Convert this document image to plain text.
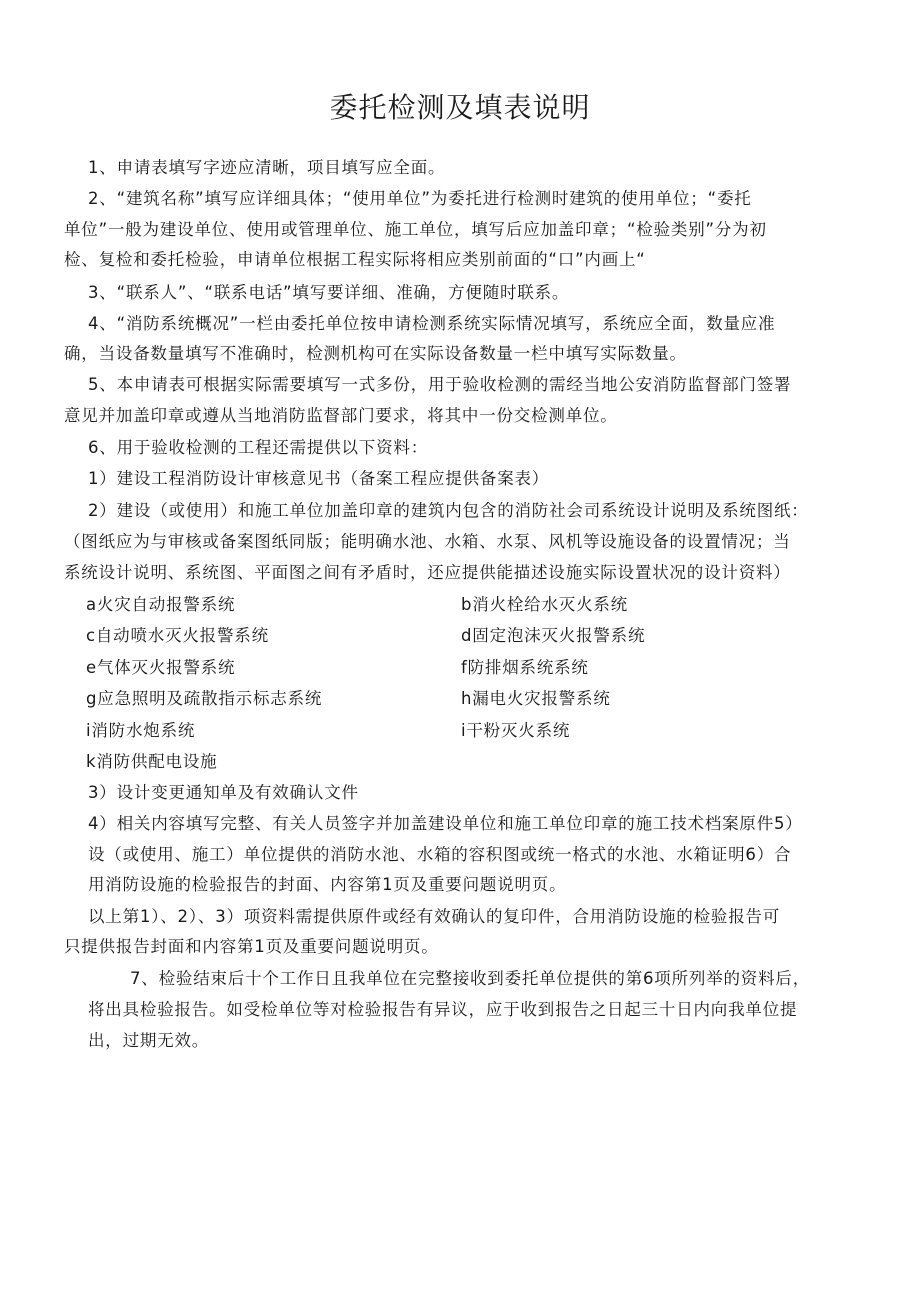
委托检测及填表说明
1、申请表填写字迹应清晰，项目填写应全面。
2、“建筑名称”填写应详细具体；“使用单位”为委托进行检测时建筑的使用单位；“委托
单位”一般为建设单位、使用或管理单位、施工单位，填写后应加盖印章；“检验类别”分为初
检、复检和委托检验，申请单位根据工程实际将相应类别前面的“口”内画上“
3、“联系人”、“联系电话”填写要详细、准确，方便随时联系。
4、“消防系统概况”一栏由委托单位按申请检测系统实际情况填写，系统应全面，数量应准
确，当设备数量填写不准确时，检测机构可在实际设备数量一栏中填写实际数量。
5、本申请表可根据实际需要填写一式多份，用于验收检测的需经当地公安消防监督部门签署
意见并加盖印章或遵从当地消防监督部门要求，将其中一份交检测单位。
6、用于验收检测的工程还需提供以下资料：
1）建设工程消防设计审核意见书（备案工程应提供备案表）
2）建设（或使用）和施工单位加盖印章的建筑内包含的消防社会司系统设计说明及系统图纸：
（图纸应为与审核或备案图纸同版；能明确水池、水箱、水泵、风机等设施设备的设置情况；当
系统设计说明、系统图、平面图之间有矛盾时，还应提供能描述设施实际设置状况的设计资料）
a火灾自动报警系统	b消火栓给水灭火系统
c自动喷水灭火报警系统	d固定泡沫灭火报警系统
e气体灭火报警系统	f防排烟系统系统
g应急照明及疏散指示标志系统	h漏电火灾报警系统
i消防水炮系统	i干粉灭火系统
k消防供配电设施
3）设计变更通知单及有效确认文件
4）相关内容填写完整、有关人员签字并加盖建设单位和施工单位印章的施工技术档案原件5）
设（或使用、施工）单位提供的消防水池、水箱的容积图或统一格式的水池、水箱证明6）合
用消防设施的检验报告的封面、内容第1页及重要问题说明页。
以上第1）、2）、3）项资料需提供原件或经有效确认的复印件，合用消防设施的检验报告可
只提供报告封面和内容第1页及重要问题说明页。
7、检验结束后十个工作日且我单位在完整接收到委托单位提供的第6项所列举的资料后，
将出具检验报告。如受检单位等对检验报告有异议，应于收到报告之日起三十日内向我单位提
出，过期无效。
